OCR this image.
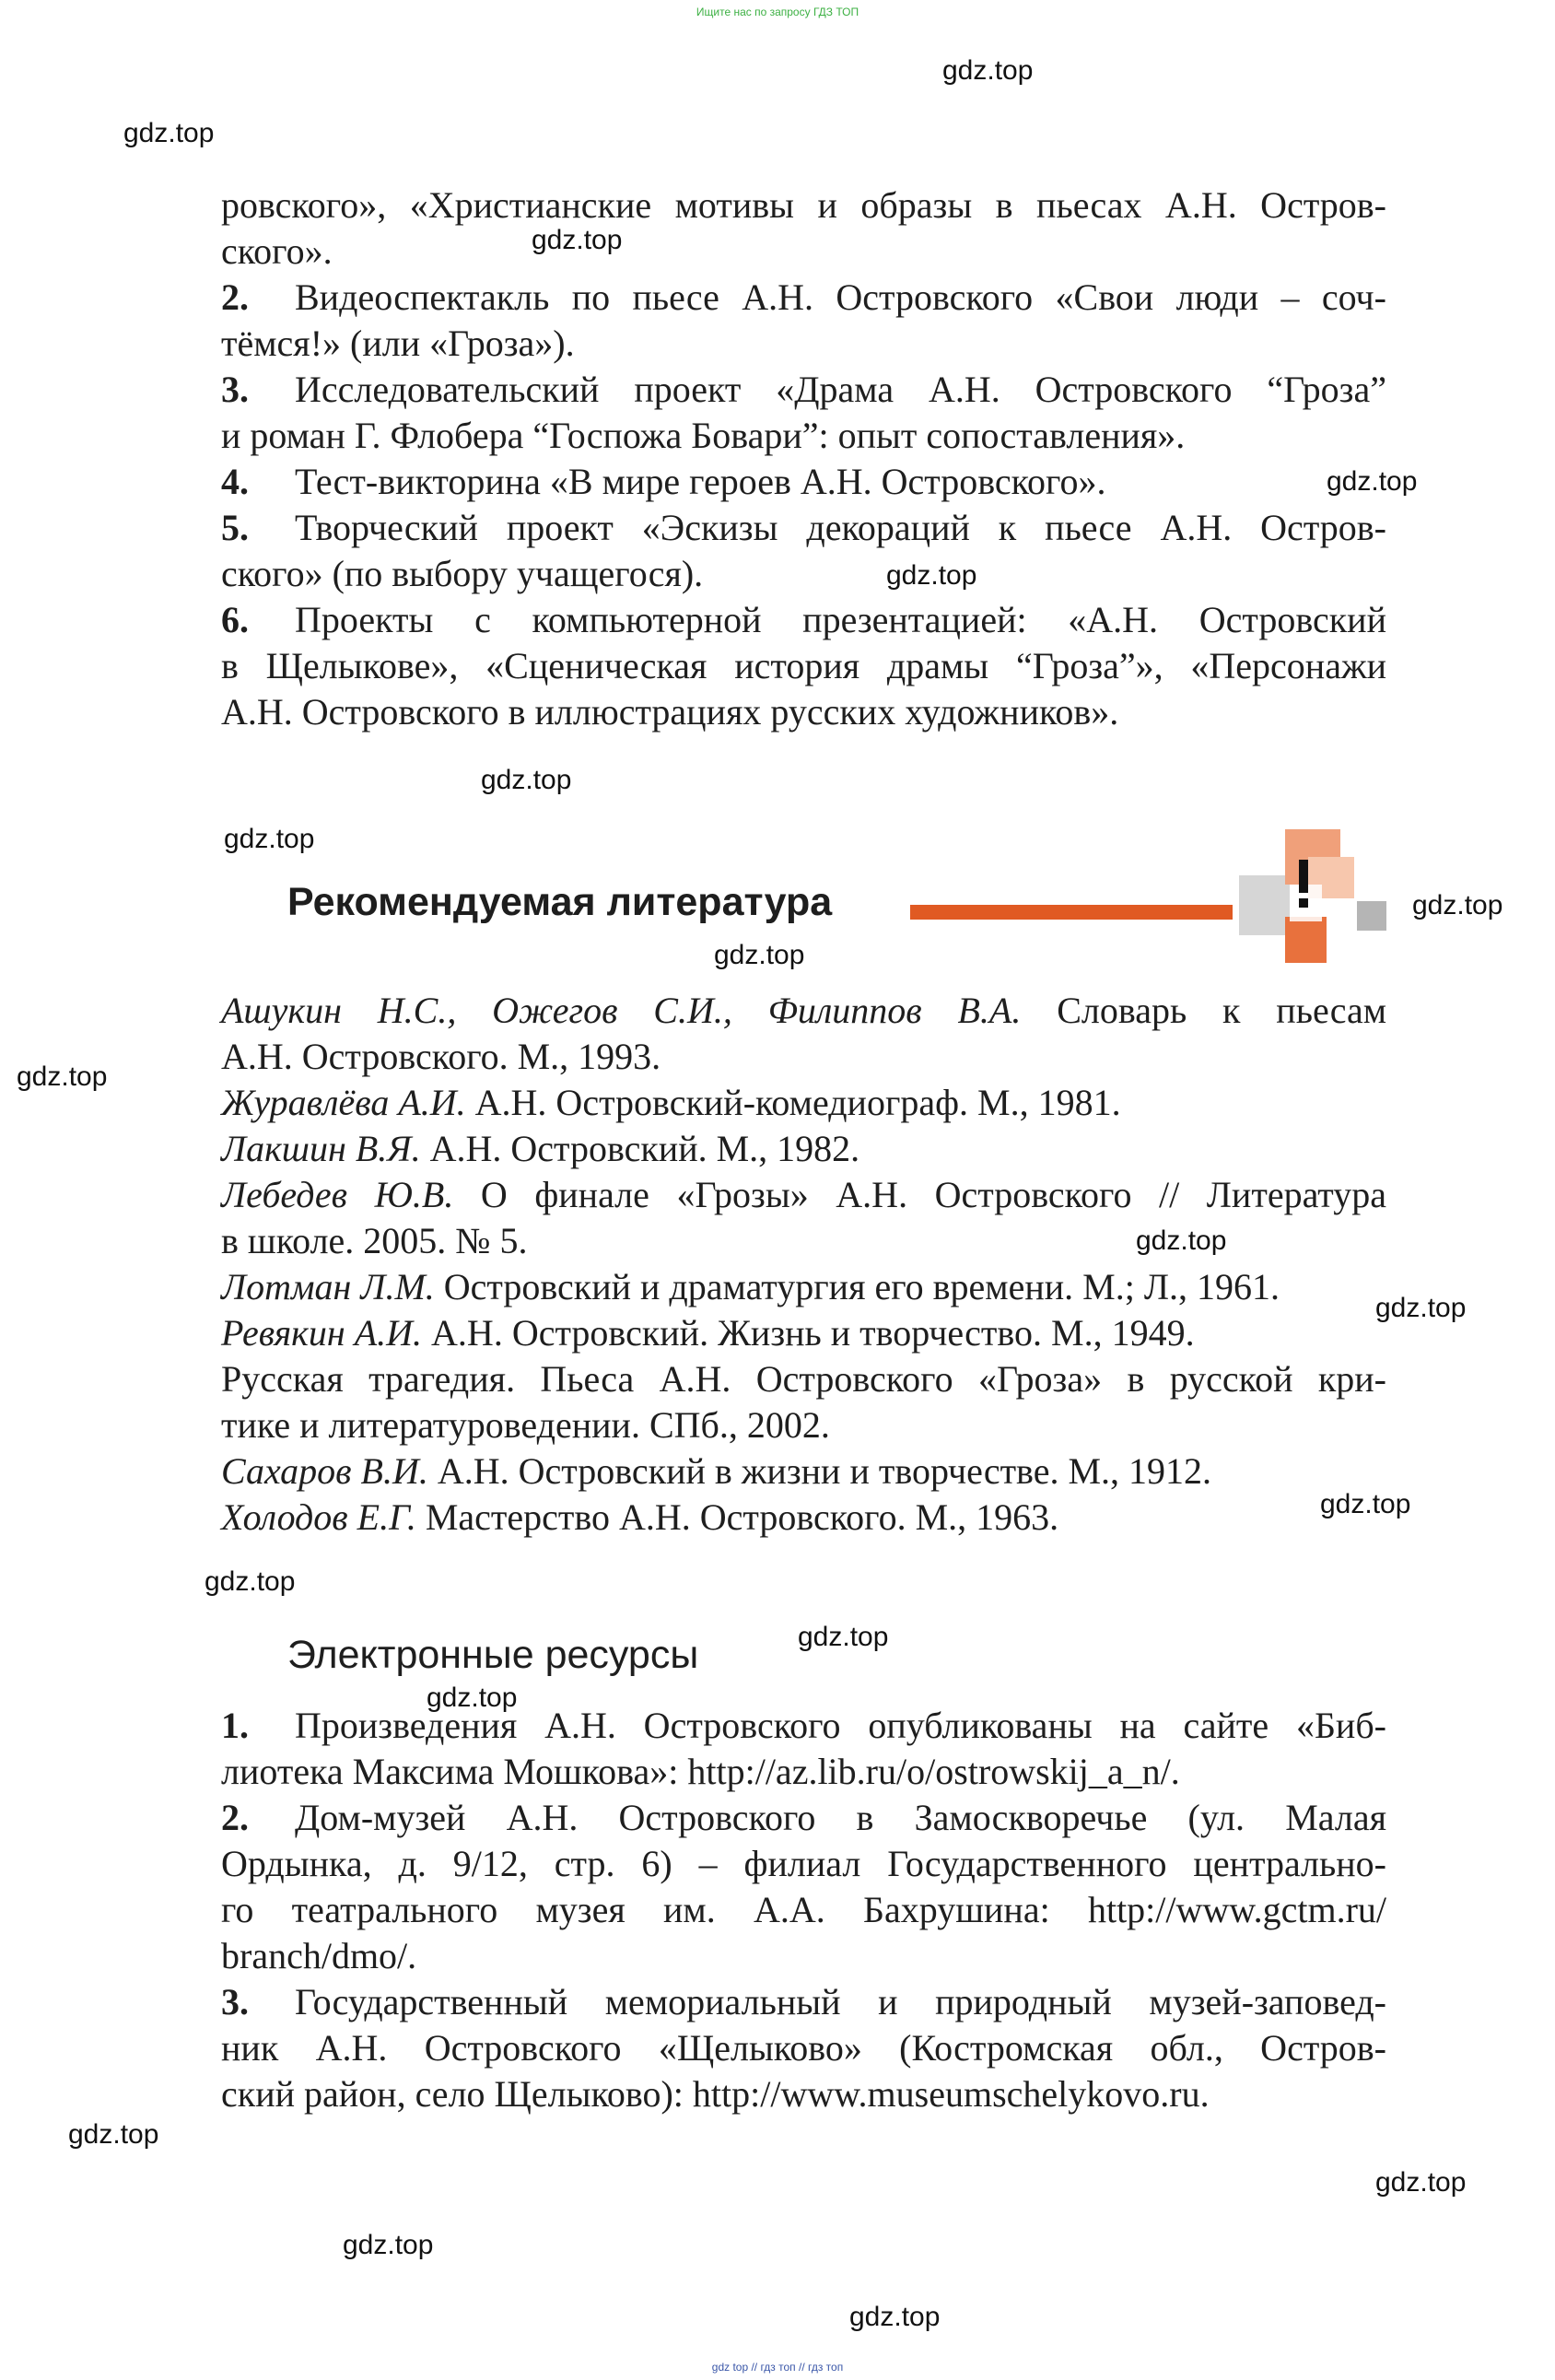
Ищите нас по запросу ГДЗ ТОП
gdz.top
gdz.top
gdz.top
gdz.top
gdz.top
gdz.top
gdz.top
gdz.top
gdz.top
gdz.top
gdz.top
gdz.top
gdz.top
gdz.top
gdz.top
gdz.top
gdz.top
gdz.top
gdz.top
gdz.top
ровского», «Христианские мотивы и образы в пьесах А.Н. Остров-
ского».
2. Видеоспектакль по пьесе А.Н. Островского «Свои люди – соч-
тёмся!» (или «Гроза»).
3. Исследовательский проект «Драма А.Н. Островского “Гроза”
и роман Г. Флобера “Госпожа Бовари”: опыт сопоставления».
4. Тест-викторина «В мире героев А.Н. Островского».
5. Творческий проект «Эскизы декораций к пьесе А.Н. Остров-
ского» (по выбору учащегося).
6. Проекты с компьютерной презентацией: «А.Н. Островский
в Щелыкове», «Сценическая история драмы “Гроза”», «Персонажи
А.Н. Островского в иллюстрациях русских художников».
Рекомендуемая литература
Ашукин Н.С., Ожегов С.И., Филиппов В.А. Словарь к пьесам
А.Н. Островского. М., 1993.
Журавлёва А.И. А.Н. Островский-комедиограф. М., 1981.
Лакшин В.Я. А.Н. Островский. М., 1982.
Лебедев Ю.В. О финале «Грозы» А.Н. Островского // Литература
в школе. 2005. № 5.
Лотман Л.М. Островский и драматургия его времени. М.; Л., 1961.
Ревякин А.И. А.Н. Островский. Жизнь и творчество. М., 1949.
Русская трагедия. Пьеса А.Н. Островского «Гроза» в русской кри-
тике и литературоведении. СПб., 2002.
Сахаров В.И. А.Н. Островский в жизни и творчестве. М., 1912.
Холодов Е.Г. Мастерство А.Н. Островского. М., 1963.
Электронные ресурсы
1. Произведения А.Н. Островского опубликованы на сайте «Биб-
лиотека Максима Мошкова»: http://az.lib.ru/o/ostrowskij_a_n/.
2. Дом-музей А.Н. Островского в Замоскворечье (ул. Малая
Ордынка, д. 9/12, стр. 6) – филиал Государственного центрально-
го театрального музея им. А.А. Бахрушина: http://www.gctm.ru/
branch/dmo/.
3. Государственный мемориальный и природный музей-заповед-
ник А.Н. Островского «Щелыково» (Костромская обл., Остров-
ский район, село Щелыково): http://www.museumschelykovo.ru.
gdz top // гдз топ // гдз топ
